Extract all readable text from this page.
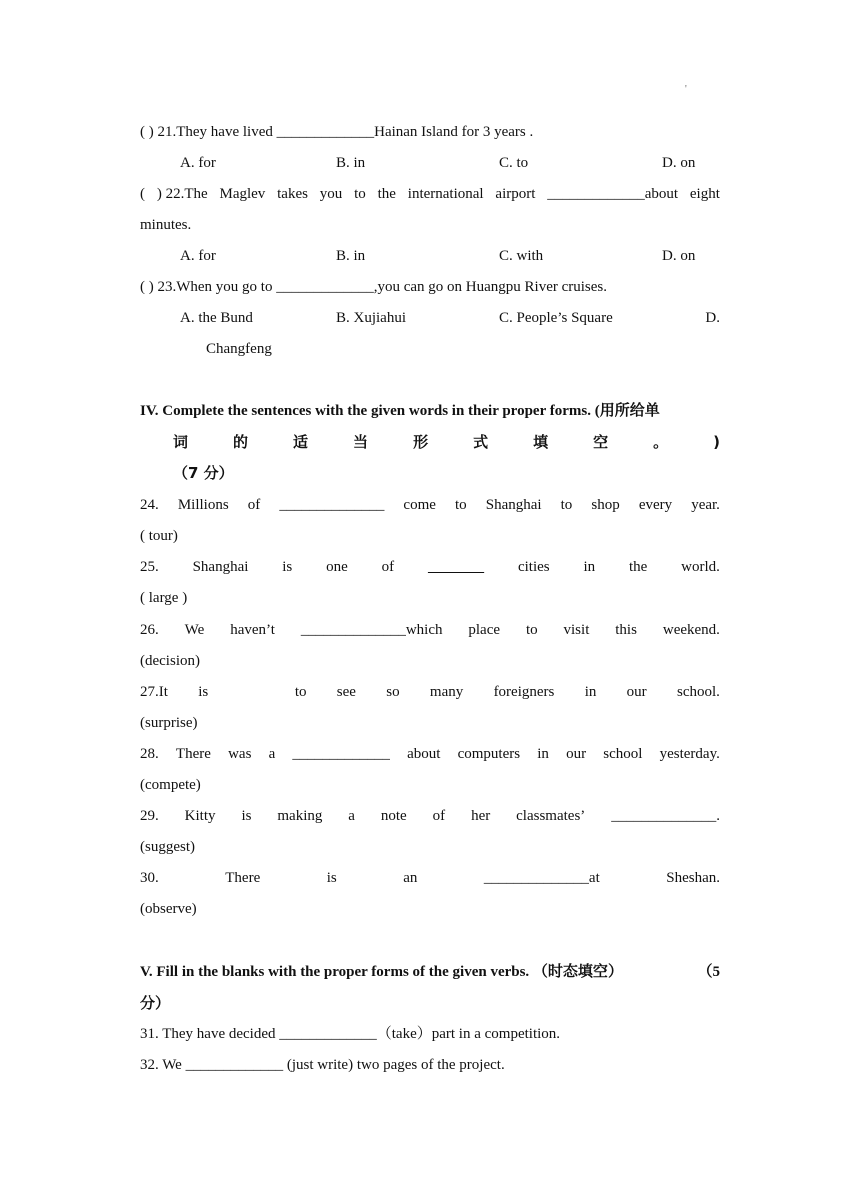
'
( ) 21.They have lived _____________Hainan Island for 3 years .
A. for	B. in	C. to	D. on
( ) 22.The Maglev takes you to the international airport _____________about eight
minutes.
A. for	B. in	C. with	D. on
( ) 23.When you go to _____________,you can go on Huangpu River cruises.
A. the Bund	B. Xujiahui	C. People’s Square	D.
Changfeng
IV. Complete the sentences with the given words in their proper forms. (用所给单
词	的	适	当	形	式	填	空	。	)
（7 分）
24. Millions of ______________ come to Shanghai to shop every year.
( tour)
25. Shanghai is one of
	cities in the world.
( large )
26. We haven’t ______________which place to visit this weekend.
(decision)
27.It is to see so many foreigners in our school.
(surprise)
28. There was a _____________ about computers in our school yesterday.
(compete)
29. Kitty is making a note of her classmates’ ______________.
(suggest)
30.	There	is	an	______________at	Sheshan.
(observe)
V. Fill in the blanks with the proper forms of the given verbs. （时态填空）	（5
分）
31. They have decided _____________（take）part in a competition.
32. We _____________ (just write) two pages of the project.
